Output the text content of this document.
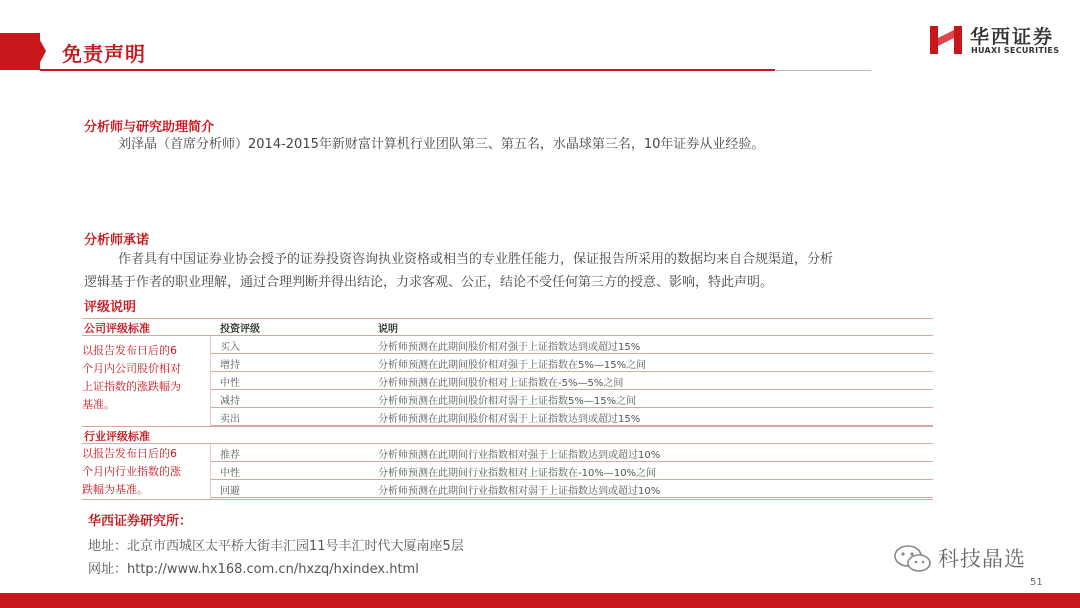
免责声明
华西证券
HUAXI SECURITIES
分析师与研究助理简介
刘泽晶（首席分析师）2014-2015年新财富计算机行业团队第三、第五名，水晶球第三名，10年证券从业经验。
分析师承诺
作者具有中国证券业协会授予的证券投资咨询执业资格或相当的专业胜任能力，保证报告所采用的数据均来自合规渠道，分析
逻辑基于作者的职业理解，通过合理判断并得出结论，力求客观、公正，结论不受任何第三方的授意、影响，特此声明。
评级说明
公司评级标准	投资评级	说明
以报告发布日后的6
个月内公司股价相对
上证指数的涨跌幅为
基准。
买入	分析师预测在此期间股价相对强于上证指数达到或超过15%
增持	分析师预测在此期间股价相对强于上证指数在5%—15%之间
中性	分析师预测在此期间股价相对上证指数在-5%—5%之间
减持	分析师预测在此期间股价相对弱于上证指数5%—15%之间
卖出	分析师预测在此期间股价相对弱于上证指数达到或超过15%
行业评级标准
以报告发布日后的6
个月内行业指数的涨
跌幅为基准。
推荐	分析师预测在此期间行业指数相对强于上证指数达到或超过10%
中性	分析师预测在此期间行业指数相对上证指数在-10%—10%之间
回避	分析师预测在此期间行业指数相对弱于上证指数达到或超过10%
华西证券研究所：
地址：北京市西城区太平桥大街丰汇园11号丰汇时代大厦南座5层
网址：http://www.hx168.com.cn/hxzq/hxindex.html	科技晶选
51
